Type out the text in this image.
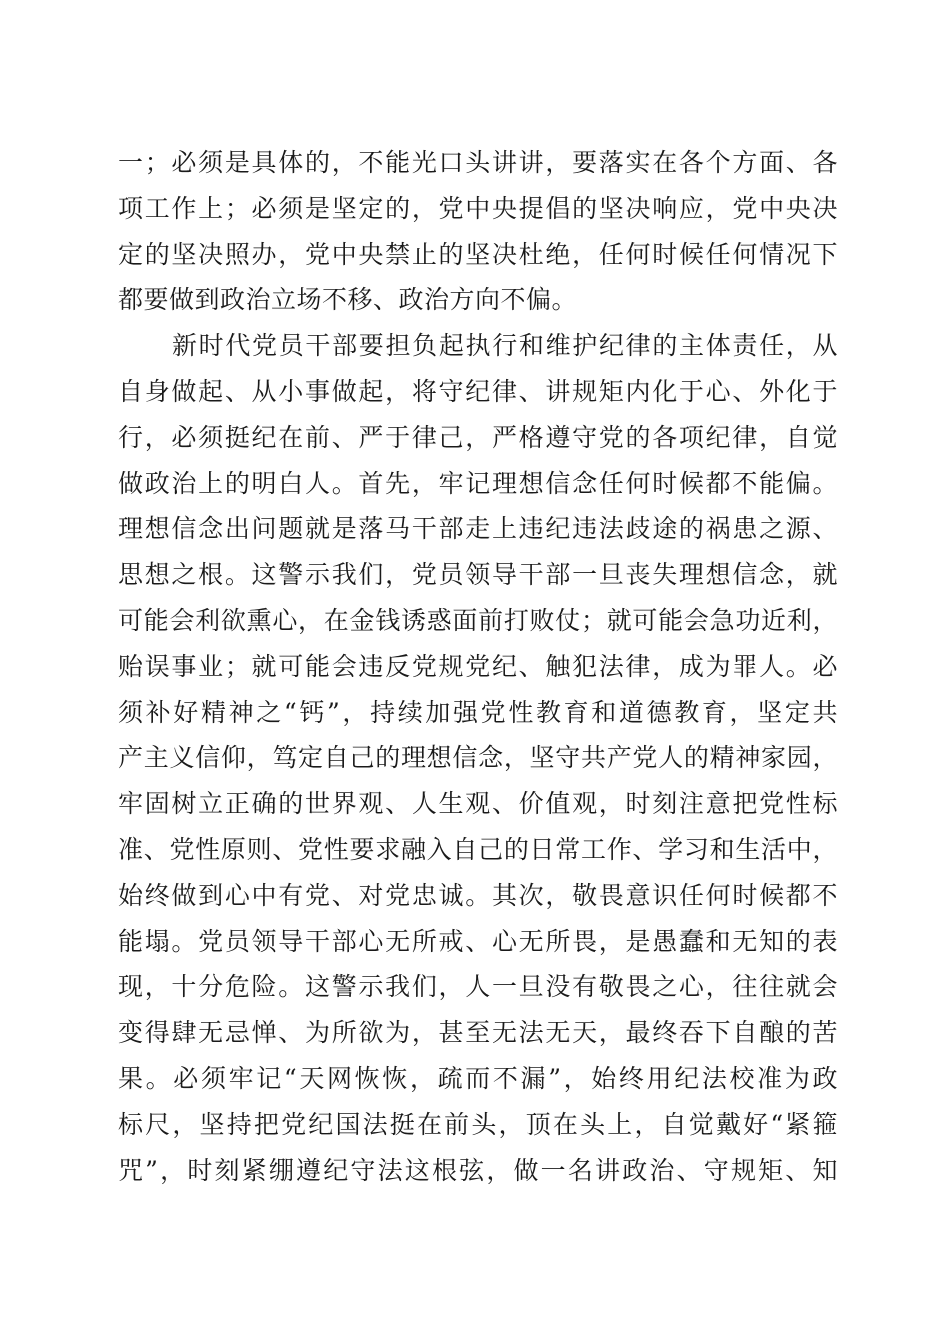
一；必须是具体的，不能光口头讲讲，要落实在各个方面、各
项工作上；必须是坚定的，党中央提倡的坚决响应，党中央决
定的坚决照办，党中央禁止的坚决杜绝，任何时候任何情况下
都要做到政治立场不移、政治方向不偏。
新时代党员干部要担负起执行和维护纪律的主体责任，从
自身做起、从小事做起，将守纪律、讲规矩内化于心、外化于
行，必须挺纪在前、严于律己，严格遵守党的各项纪律，自觉
做政治上的明白人。首先，牢记理想信念任何时候都不能偏。
理想信念出问题就是落马干部走上违纪违法歧途的祸患之源、
思想之根。这警示我们，党员领导干部一旦丧失理想信念，就
可能会利欲熏心，在金钱诱惑面前打败仗；就可能会急功近利，
贻误事业；就可能会违反党规党纪、触犯法律，成为罪人。必
须补好精神之“钙”，持续加强党性教育和道德教育，坚定共
产主义信仰，笃定自己的理想信念，坚守共产党人的精神家园，
牢固树立正确的世界观、人生观、价值观，时刻注意把党性标
准、党性原则、党性要求融入自己的日常工作、学习和生活中，
始终做到心中有党、对党忠诚。其次，敬畏意识任何时候都不
能塌。党员领导干部心无所戒、心无所畏，是愚蠢和无知的表
现，十分危险。这警示我们，人一旦没有敬畏之心，往往就会
变得肆无忌惮、为所欲为，甚至无法无天，最终吞下自酿的苦
果。必须牢记“天网恢恢，疏而不漏”，始终用纪法校准为政
标尺，坚持把党纪国法挺在前头，顶在头上，自觉戴好“紧箍
咒”，时刻紧绷遵纪守法这根弦，做一名讲政治、守规矩、知
